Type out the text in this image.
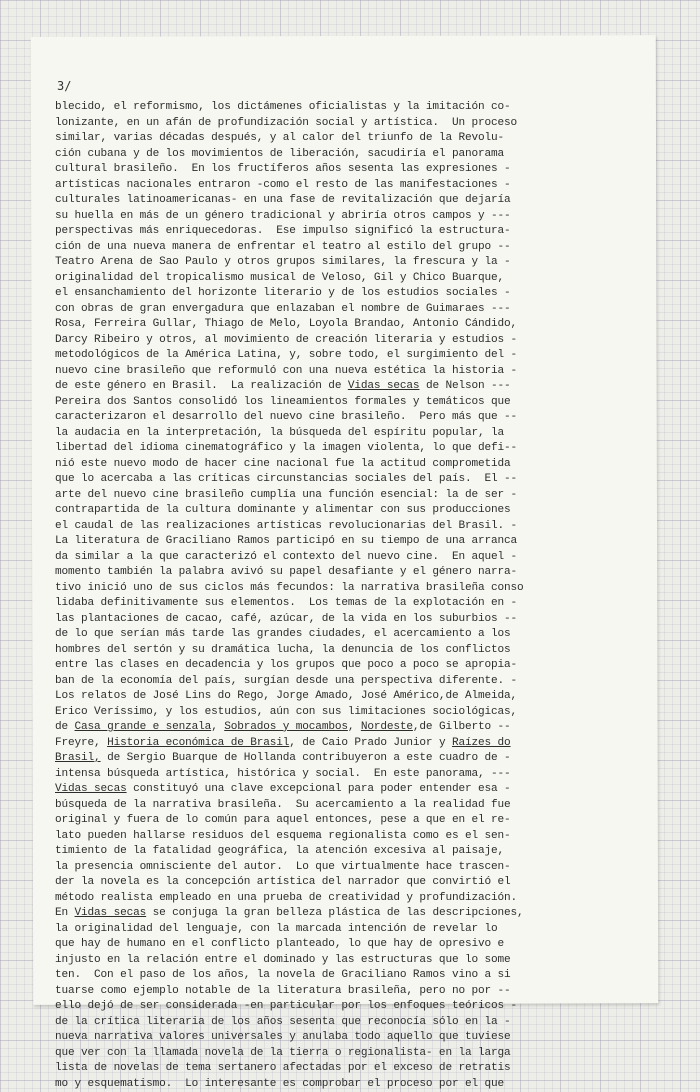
3/

blecido, el reformismo, los dictámenes oficialistas y la imitación co-
lonizante, en un afán de profundización social y artística.  Un proceso
similar, varias décadas después, y al calor del triunfo de la Revolu-
ción cubana y de los movimientos de liberación, sacudiría el panorama
cultural brasileño.  En los fructíferos años sesenta las expresiones -
artísticas nacionales entraron -como el resto de las manifestaciones -
culturales latinoamericanas- en una fase de revitalización que dejaría
su huella en más de un género tradicional y abriría otros campos y ---
perspectivas más enriquecedoras.  Ese impulso significó la estructura-
ción de una nueva manera de enfrentar el teatro al estilo del grupo --
Teatro Arena de Sao Paulo y otros grupos similares, la frescura y la -
originalidad del tropicalismo musical de Veloso, Gil y Chico Buarque,
el ensanchamiento del horizonte literario y de los estudios sociales -
con obras de gran envergadura que enlazaban el nombre de Guimaraes ---
Rosa, Ferreira Gullar, Thiago de Melo, Loyola Brandao, Antonio Cándido,
Darcy Ribeiro y otros, al movimiento de creación literaria y estudios -
metodológicos de la América Latina, y, sobre todo, el surgimiento del -
nuevo cine brasileño que reformuló con una nueva estética la historia -
de este género en Brasil.  La realización de Vidas secas de Nelson ---
Pereira dos Santos consolidó los lineamientos formales y temáticos que
caracterizaron el desarrollo del nuevo cine brasileño.  Pero más que --
la audacia en la interpretación, la búsqueda del espíritu popular, la
libertad del idioma cinematográfico y la imagen violenta, lo que defi--
nió este nuevo modo de hacer cine nacional fue la actitud comprometida
que lo acercaba a las críticas circunstancias sociales del país.  El --
arte del nuevo cine brasileño cumplía una función esencial: la de ser -
contrapartida de la cultura dominante y alimentar con sus producciones
el caudal de las realizaciones artísticas revolucionarias del Brasil. -
La literatura de Graciliano Ramos participó en su tiempo de una arranca
da similar a la que caracterizó el contexto del nuevo cine.  En aquel -
momento también la palabra avivó su papel desafiante y el género narra-
tivo inició uno de sus ciclos más fecundos: la narrativa brasileña conso
lidaba definitivamente sus elementos.  Los temas de la explotación en -
las plantaciones de cacao, café, azúcar, de la vida en los suburbios --
de lo que serían más tarde las grandes ciudades, el acercamiento a los
hombres del sertón y su dramática lucha, la denuncia de los conflictos
entre las clases en decadencia y los grupos que poco a poco se apropia-
ban de la economía del país, surgían desde una perspectiva diferente. -
Los relatos de José Lins do Rego, Jorge Amado, José Américo,de Almeida,
Erico Veríssimo, y los estudios, aún con sus limitaciones sociológicas,
de Casa grande e senzala, Sobrados y mocambos, Nordeste,de Gilberto --
Freyre, Historia económica de Brasil, de Caio Prado Junior y Raízes do
Brasil, de Sergio Buarque de Hollanda contribuyeron a este cuadro de -
intensa búsqueda artística, histórica y social.  En este panorama, ---
Vidas secas constituyó una clave excepcional para poder entender esa -
búsqueda de la narrativa brasileña.  Su acercamiento a la realidad fue
original y fuera de lo común para aquel entonces, pese a que en el re-
lato pueden hallarse residuos del esquema regionalista como es el sen-
timiento de la fatalidad geográfica, la atención excesiva al paisaje,
la presencia omnisciente del autor.  Lo que virtualmente hace trascen-
der la novela es la concepción artística del narrador que convirtió el
método realista empleado en una prueba de creatividad y profundización.
En Vidas secas se conjuga la gran belleza plástica de las descripciones,
la originalidad del lenguaje, con la marcada intención de revelar lo
que hay de humano en el conflicto planteado, lo que hay de opresivo e
injusto en la relación entre el dominado y las estructuras que lo some
ten.  Con el paso de los años, la novela de Graciliano Ramos vino a si
tuarse como ejemplo notable de la literatura brasileña, pero no por --
ello dejó de ser considerada -en particular por los enfoques teóricos -
de la crítica literaria de los años sesenta que reconocía sólo en la -
nueva narrativa valores universales y anulaba todo aquello que tuviese
que ver con la llamada novela de la tierra o regionalista- en la larga
lista de novelas de tema sertanero afectadas por el exceso de retratis
mo y esquematismo.  Lo interesante es comprobar el proceso por el que
